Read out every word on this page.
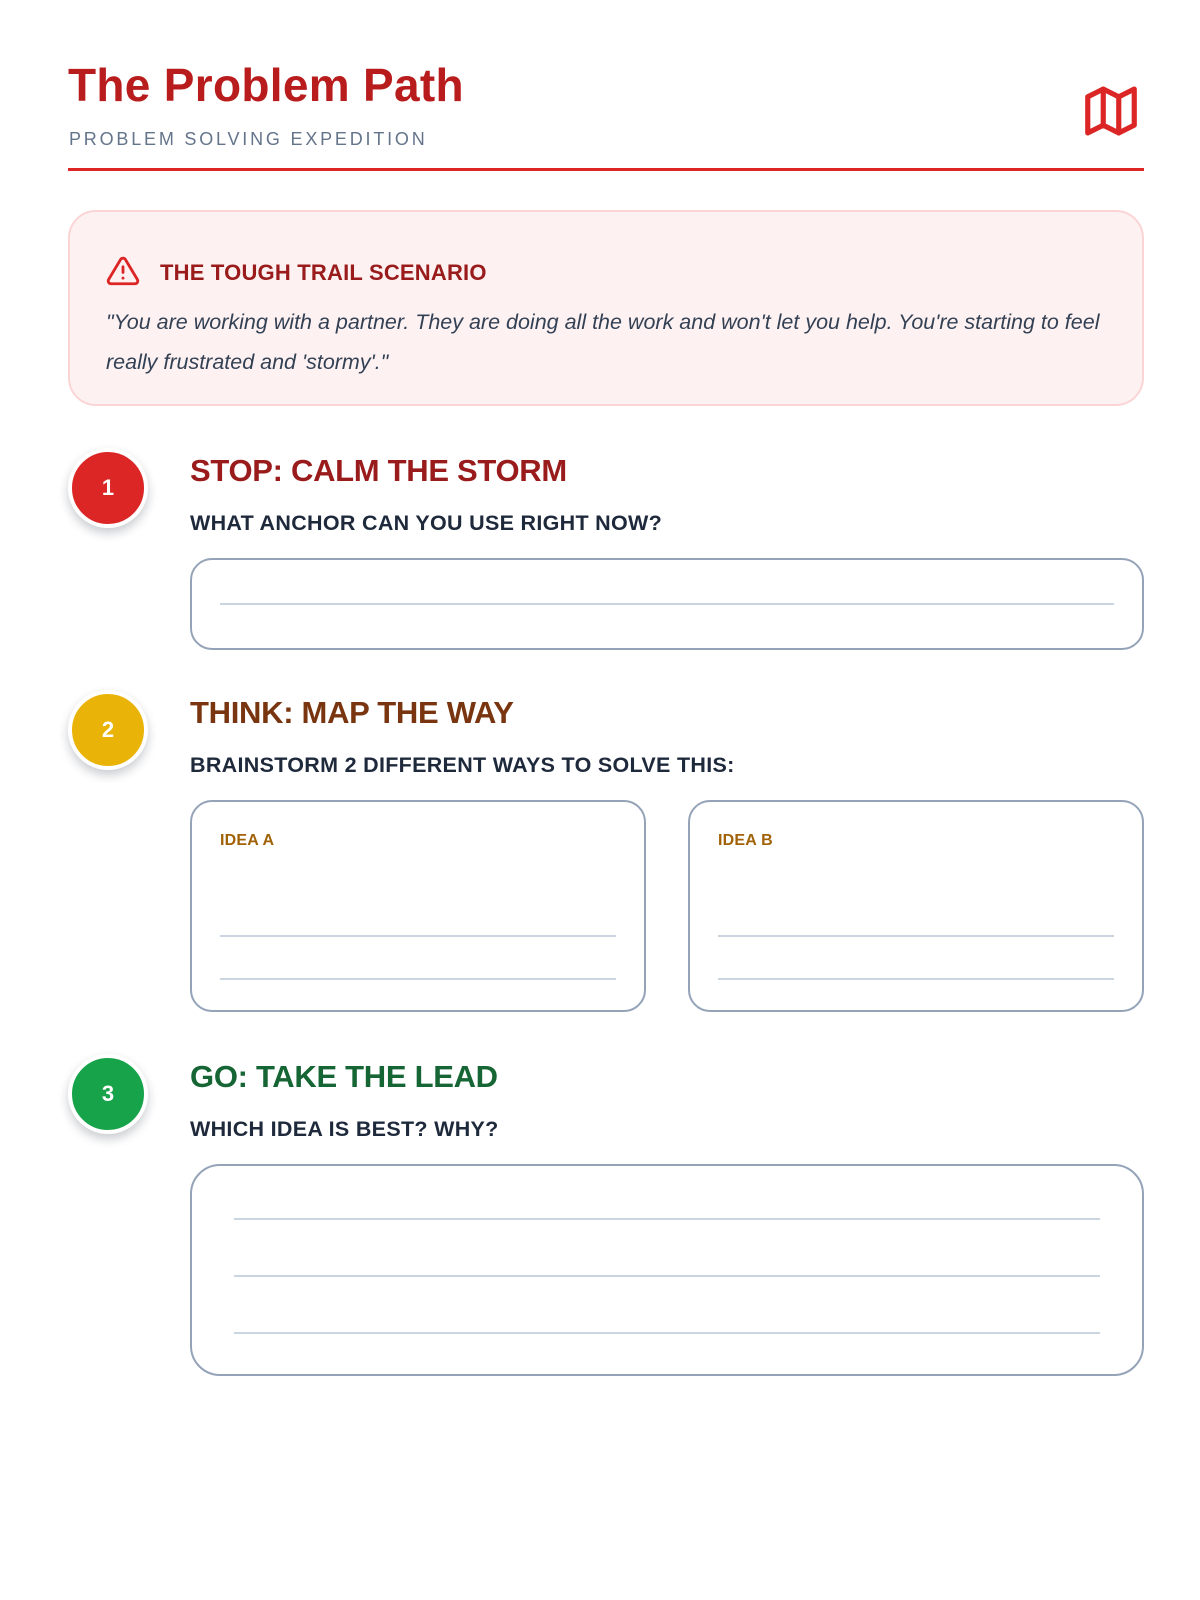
The Problem Path
PROBLEM SOLVING EXPEDITION
THE TOUGH TRAIL SCENARIO
"You are working with a partner. They are doing all the work and won't let you help. You're starting to feel really frustrated and 'stormy'."
1	STOP: CALM THE STORM
WHAT ANCHOR CAN YOU USE RIGHT NOW?
2	THINK: MAP THE WAY
BRAINSTORM 2 DIFFERENT WAYS TO SOLVE THIS:
IDEA A	IDEA B
3	GO: TAKE THE LEAD
WHICH IDEA IS BEST? WHY?
